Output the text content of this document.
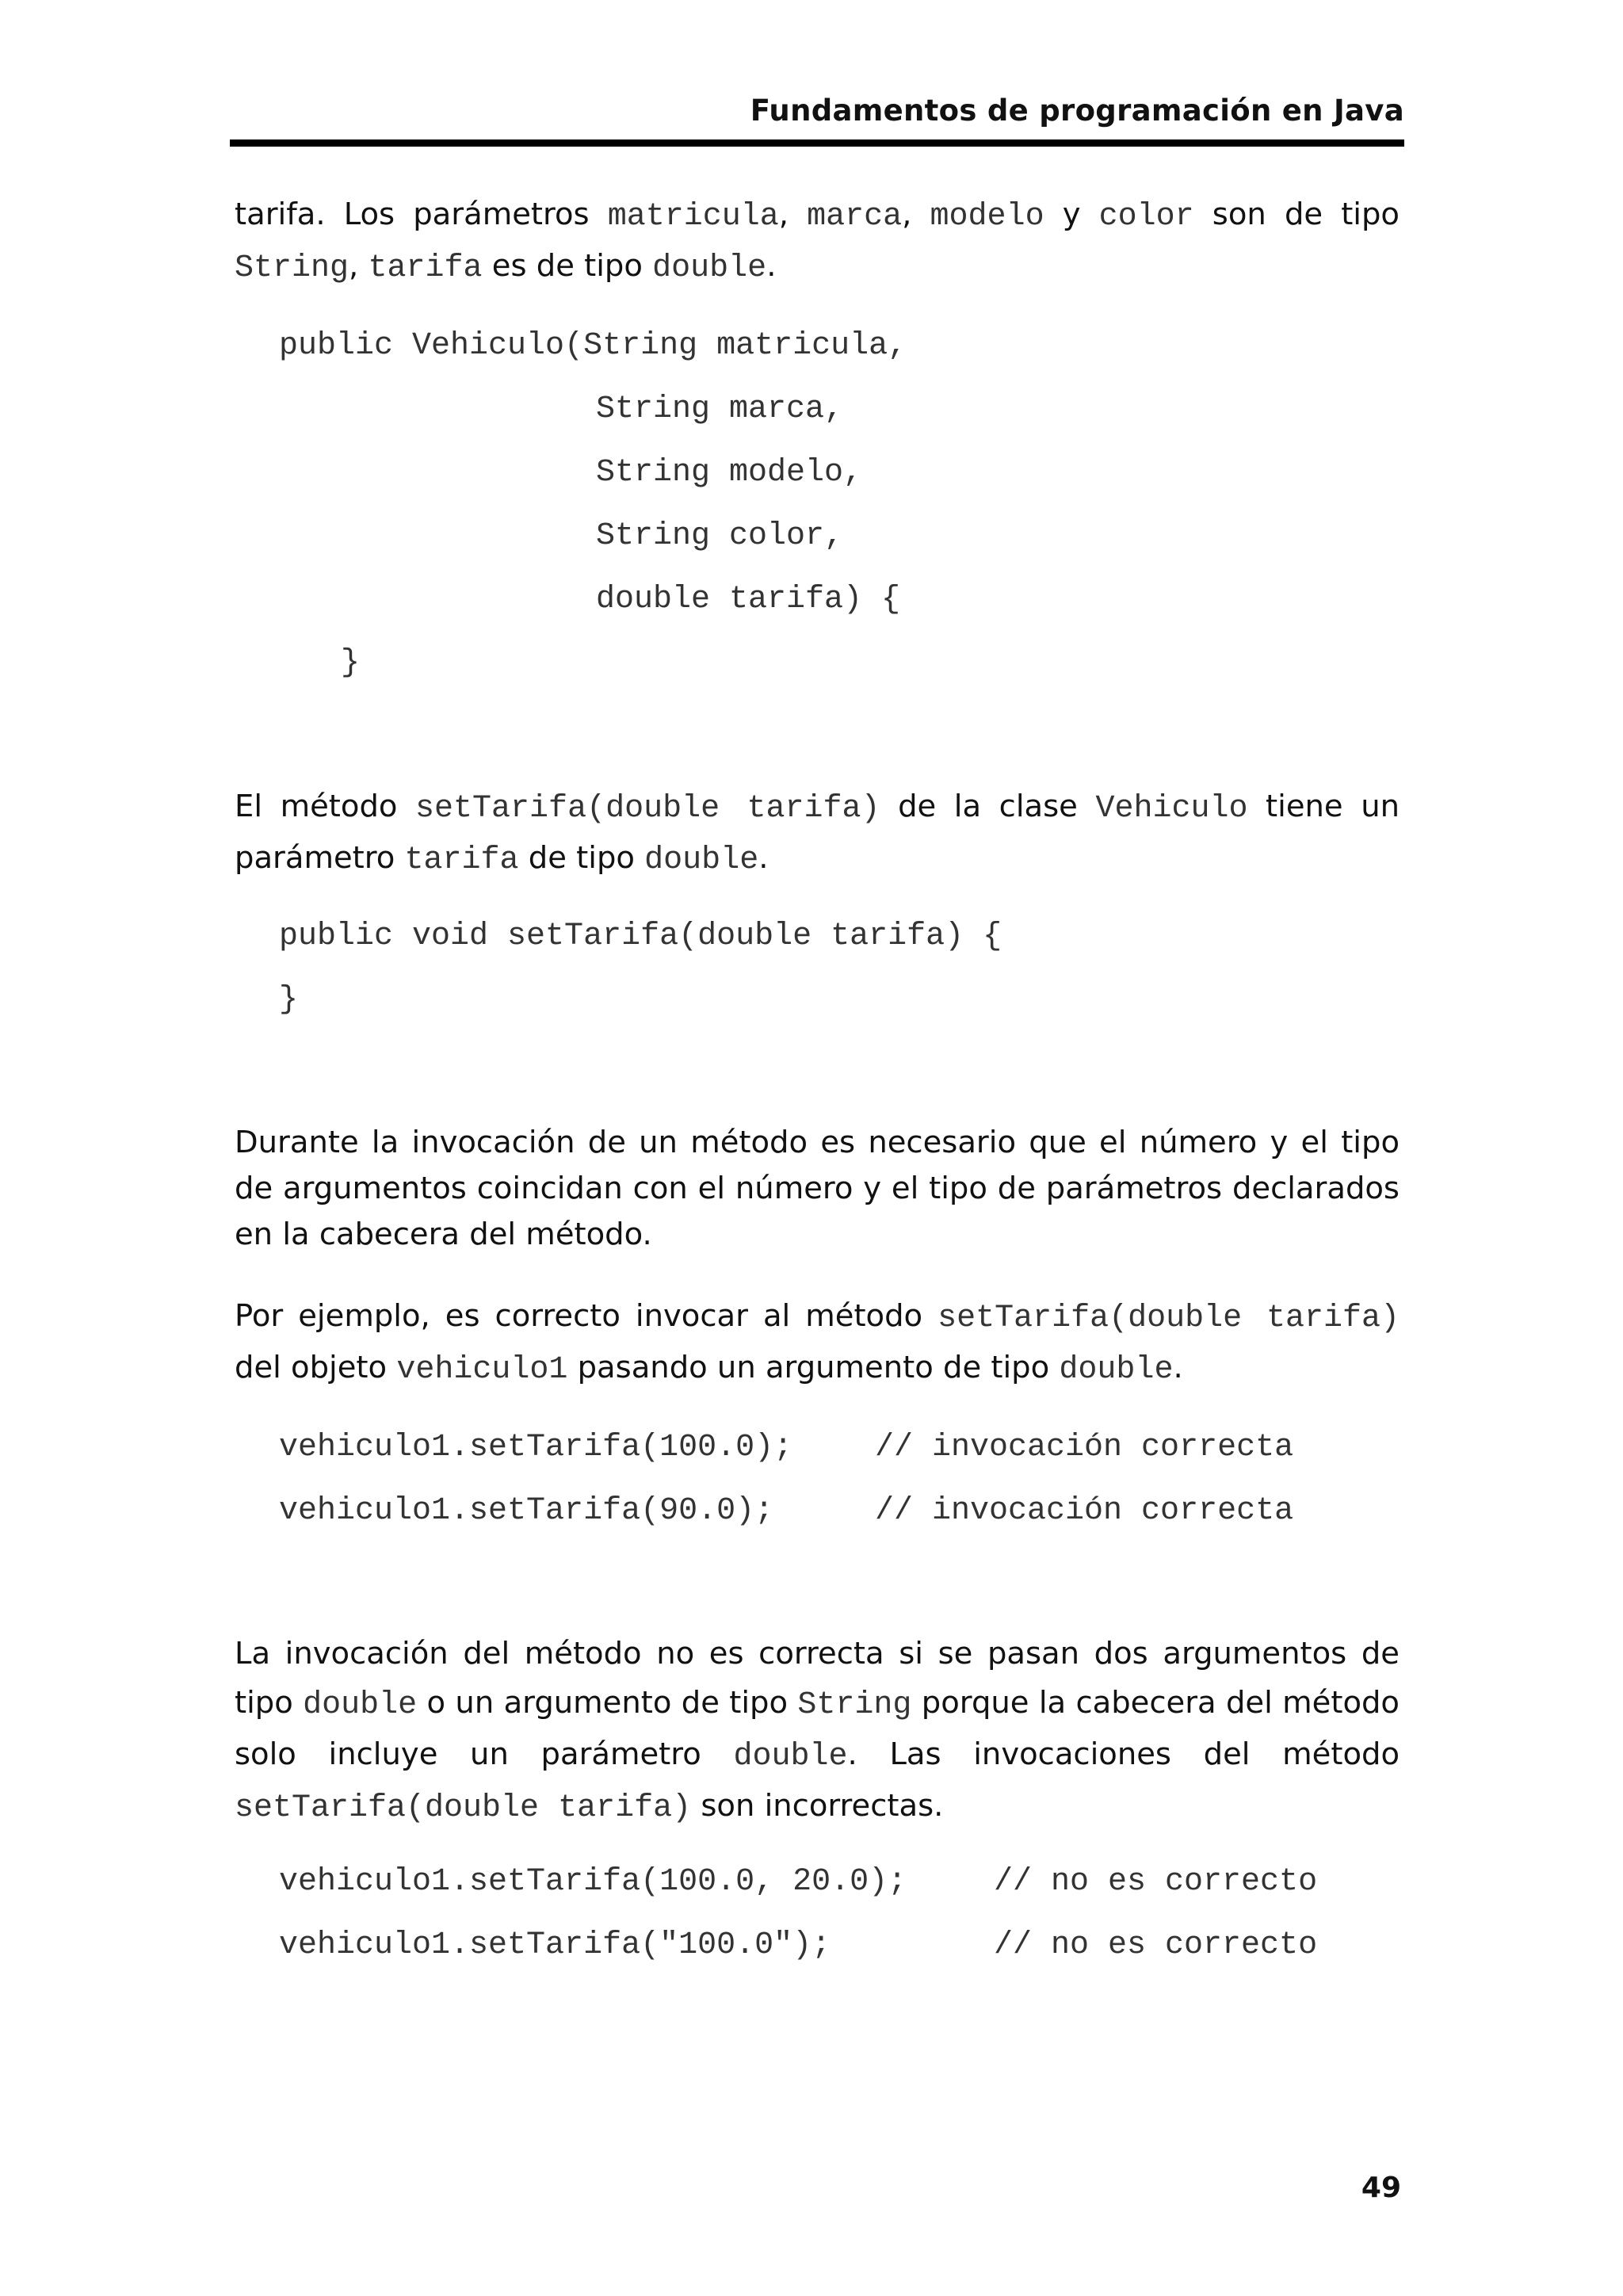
Fundamentos de programación en Java
tarifa. Los parámetros matricula, marca, modelo y color son de tipo String, tarifa es de tipo double.
public Vehiculo(String matricula,
String marca,
String modelo,
String color,
double tarifa) {
}
El método setTarifa(double tarifa) de la clase Vehiculo tiene un parámetro tarifa de tipo double.
public void setTarifa(double tarifa) {
}
Durante la invocación de un método es necesario que el número y el tipo de argumentos coincidan con el número y el tipo de parámetros declarados en la cabecera del método.
Por ejemplo, es correcto invocar al método setTarifa(double tarifa) del objeto vehiculo1 pasando un argumento de tipo double.
vehiculo1.setTarifa(100.0);	// invocación correcta
vehiculo1.setTarifa(90.0);	// invocación correcta
La invocación del método no es correcta si se pasan dos argumentos de tipo double o un argumento de tipo String porque la cabecera del método solo incluye un parámetro double. Las invocaciones del método setTarifa(double tarifa) son incorrectas.
vehiculo1.setTarifa(100.0, 20.0);	// no es correcto
vehiculo1.setTarifa("100.0");	// no es correcto
49
